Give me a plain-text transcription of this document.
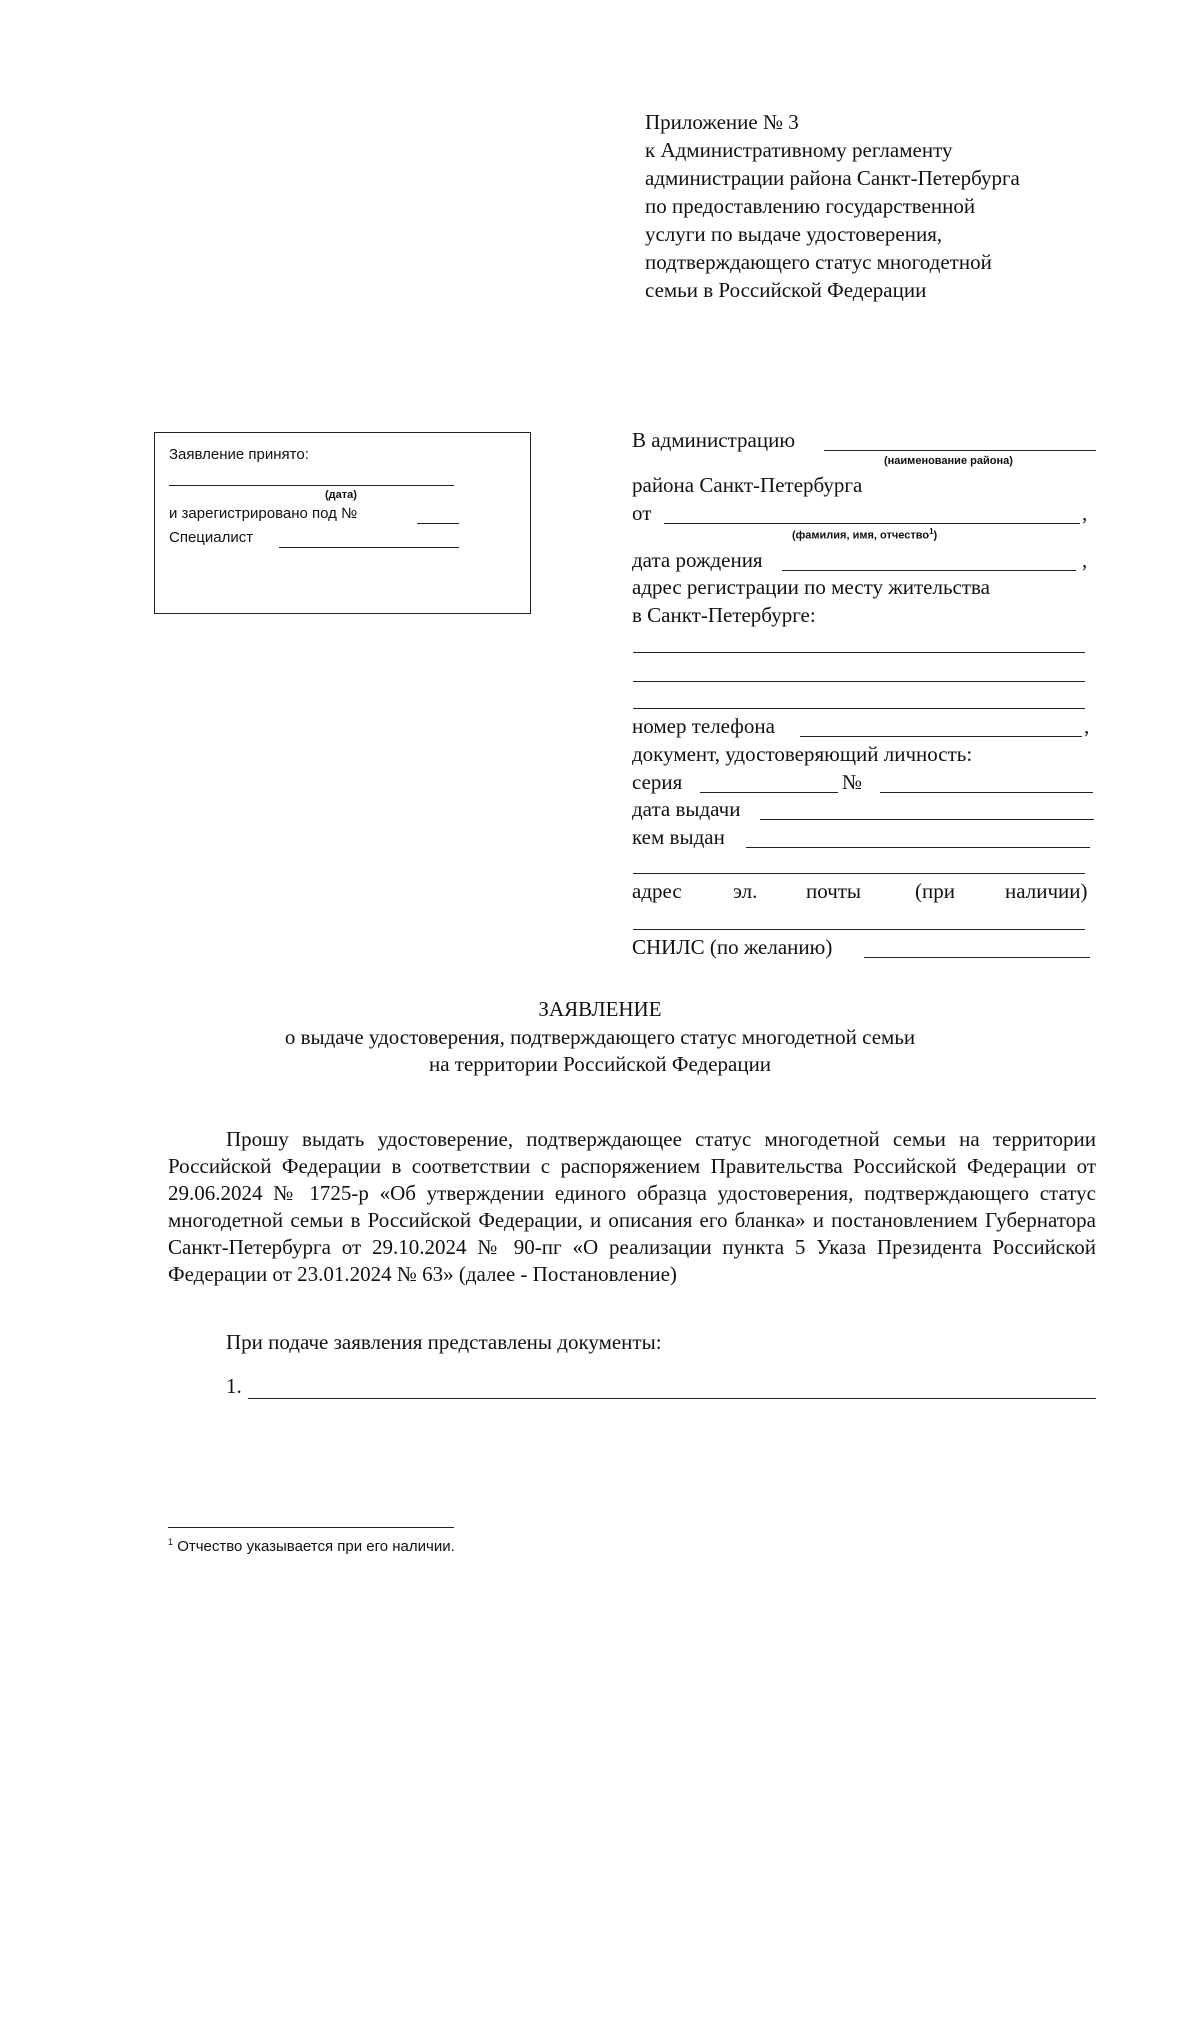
Приложение № 3
к Административному регламенту
администрации района Санкт-Петербурга
по предоставлению государственной
услуги по выдаче удостоверения,
подтверждающего статус многодетной
семьи в Российской Федерации
Заявление принято:
(дата)
и зарегистрировано под №
Специалист
В администрацию
(наименование района)
района Санкт-Петербурга
от	,
(фамилия, имя, отчество$^1$)
дата рождения	,
адрес регистрации по месту жительства
в Санкт-Петербурге:
номер телефона	,
документ, удостоверяющий личность:
серия	№
дата выдачи
кем выдан
адрес эл. почты	(при наличии)
СНИЛС (по желанию)
ЗАЯВЛЕНИЕ
о выдаче удостоверения, подтверждающего статус многодетной семьи
на территории Российской Федерации
Прошу выдать удостоверение, подтверждающее статус многодетной семьи на территории Российской Федерации в соответствии с распоряжением Правительства Российской Федерации от 29.06.2024 № 1725-р «Об утверждении единого образца удостоверения, подтверждающего статус многодетной семьи в Российской Федерации, и описания его бланка» и постановлением Губернатора Санкт-Петербурга от 29.10.2024 № 90-пг «О реализации пункта 5 Указа Президента Российской Федерации от 23.01.2024 № 63» (далее - Постановление)
При подаче заявления представлены документы:
1.
$^1$ Отчество указывается при его наличии.
